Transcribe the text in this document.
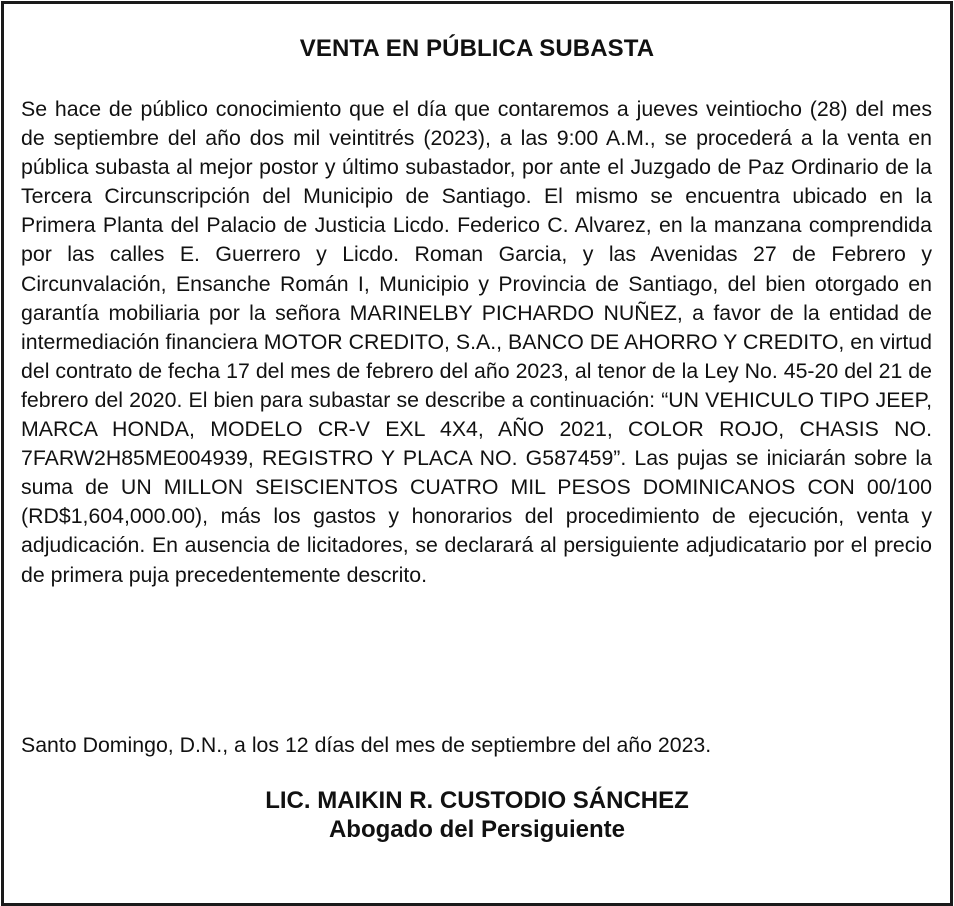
VENTA EN PÚBLICA SUBASTA

Se hace de público conocimiento que el día que contaremos a jueves veintiocho (28) del mes de septiembre del año dos mil veintitrés (2023), a las 9:00 A.M., se procederá a la venta en pública subasta al mejor postor y último subastador, por ante el Juzgado de Paz Ordinario de la Tercera Circunscripción del Municipio de Santiago. El mismo se encuentra ubicado en la Primera Planta del Palacio de Justicia Licdo. Federico C. Alvarez, en la manzana comprendida por las calles E. Guerrero y Licdo. Roman Garcia, y las Avenidas 27 de Febrero y Circunvalación, Ensanche Román I, Municipio y Provincia de Santiago, del bien otorgado en garantía mobiliaria por la señora MARINELBY PICHARDO NUÑEZ, a favor de la entidad de intermediación financiera MOTOR CREDITO, S.A., BANCO DE AHORRO Y CREDITO, en virtud del contrato de fecha 17 del mes de febrero del año 2023, al tenor de la Ley No. 45-20 del 21 de febrero del 2020. El bien para subastar se describe a continuación: “UN VEHICULO TIPO JEEP, MARCA HONDA, MODELO CR-V EXL 4X4, AÑO 2021, COLOR ROJO, CHASIS NO. 7FARW2H85ME004939, REGISTRO Y PLACA NO. G587459”. Las pujas se iniciarán sobre la suma de UN MILLON SEISCIENTOS CUATRO MIL PESOS DOMINICANOS CON 00/100 (RD$1,604,000.00), más los gastos y honorarios del procedimiento de ejecución, venta y adjudicación. En ausencia de licitadores, se declarará al persiguiente adjudicatario por el precio de primera puja precedentemente descrito.

Santo Domingo, D.N., a los 12 días del mes de septiembre del año 2023.

LIC. MAIKIN R. CUSTODIO SÁNCHEZ
Abogado del Persiguiente
